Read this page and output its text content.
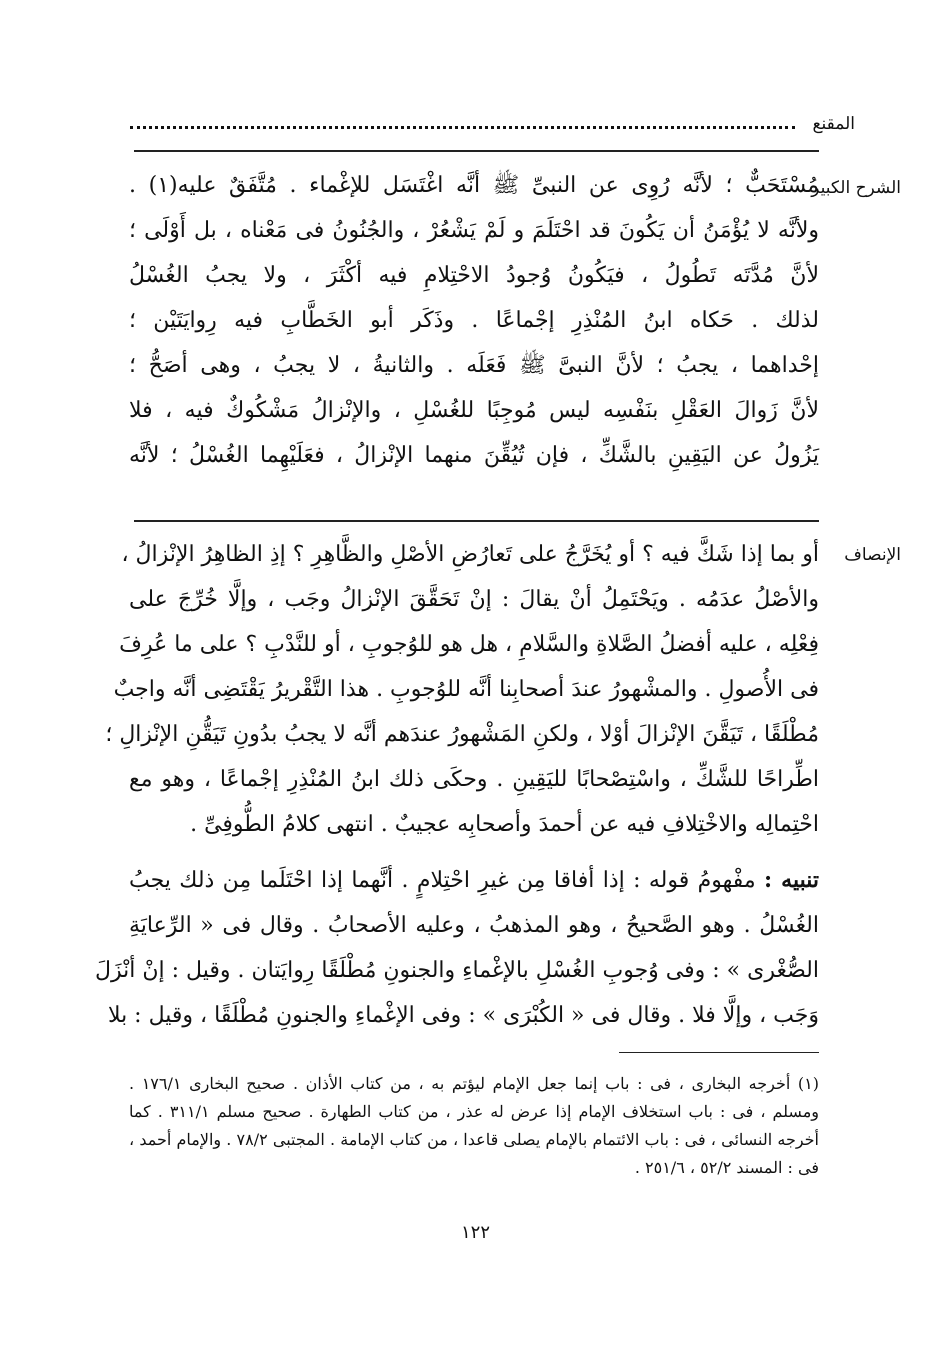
المقنع
الشرح الكبير

مُسْتَحَبٌّ ؛ لأنَّه رُوِى عن النبىِّ ﷺ أنَّه اغْتَسَل للإغْماء . مُتَّفَقٌ عليه(١) .
ولأنَّه لا يُؤْمَنُ أن يَكُونَ قد احْتَلَمَ و لَمْ يَشْعُرْ ، والجُنُونُ فى مَعْناه ، بل أَوْلَى ؛
لأنَّ مُدَّتَه تَطُولُ ، فيَكُونُ وُجودُ الاحْتِلامِ فيه أكْثَرَ ، ولا يجبُ الغُسْلُ
لذلك . حَكاه ابنُ المُنْذِرِ إجْماعًا . وذَكَر أبو الخَطَّابِ فيه رِوايَتَيْن ؛
إحْداهما ، يجبُ ؛ لأنَّ النبىَّ ﷺ فَعَلَه . والثانيةُ ، لا يجبُ ، وهى أصَحُّ ؛
لأنَّ زَوالَ العَقْلِ بنَفْسِه ليس مُوجِبًا للغُسْلِ ، والإنْزالُ مَشْكُوكٌ فيه ، فلا
يَزُولُ عن اليَقِينِ بالشَّكِّ ، فإن تُيُقِّنَ منهما الإنْزالُ ، فعَلَيْهِما الغُسْلُ ؛ لأنَّه

الإنصاف

أو بما إذا شَكَّ فيه ؟ أو يُخَرَّجُ على تَعارُضِ الأصْلِ والظَّاهِرِ ؟ إذِ الظاهِرُ الإنْزالُ ،
والأصْلُ عدَمُه . ويَحْتَمِلُ أنْ يقالَ : إنْ تَحَقَّقَ الإنْزالُ وجَب ، وإلَّا خُرِّجَ على
فِعْلِه ، عليه أفضلُ الصَّلاةِ والسَّلامِ ، هل هو للوُجوبِ ، أو للنَّدْبِ ؟ على ما عُرِفَ
فى الأُصولِ . والمشْهورُ عندَ أصحابِنا أنَّه للوُجوبِ . هذا التَّقْريرُ يَقْتَضِى أنَّه واجبٌ
مُطْلَقًا ، تَيَقَّنَ الإنْزالَ أوْلا ، ولكنِ المَشْهورُ عندَهم أنَّه لا يجبُ بدُونِ تَيَقُّنِ الإنْزالِ ؛
اطِّراحًا للشَّكِّ ، واسْتِصْحابًا لليَقِينِ . وحكَى ذلك ابنُ المُنْذِرِ إجْماعًا ، وهو مع
احْتِمالِه والاخْتِلافِ فيه عن أحمدَ وأصحابِه عجيبٌ . انتهى كلامُ الطُّوفِىِّ .

تنبيه : مفْهومُ قوله : إذا أفاقا مِن غيرِ احْتِلامٍ . أنَّهما إذا احْتَلَما مِن ذلك يجبُ
الغُسْلُ . وهو الصَّحيحُ ، وهو المذهبُ ، وعليه الأصحابُ . وقال فى « الرِّعايَةِ
الصُّغْرى » : وفى وُجوبِ الغُسْلِ بالإغْماءِ والجنونِ مُطْلَقًا رِوايَتان . وقيل : إنْ أنْزَلَ
وَجَب ، وإلَّا فلا . وقال فى « الكُبْرَى » : وفى الإغْماءِ والجنونِ مُطْلَقًا ، وقيل : بلا

(١) أخرجه البخارى ، فى : باب إنما جعل الإمام ليؤتم به ، من كتاب الأذان . صحيح البخارى ١٧٦/١ .
ومسلم ، فى : باب استخلاف الإمام إذا عرض له عذر ، من كتاب الطهارة . صحيح مسلم ٣١١/١ . كما
أخرجه النسائى ، فى : باب الائتمام بالإمام يصلى قاعدا ، من كتاب الإمامة . المجتبى ٧٨/٢ . والإمام أحمد ،
فى : المسند ٥٢/٢ ، ٢٥١/٦ .
١٢٢
